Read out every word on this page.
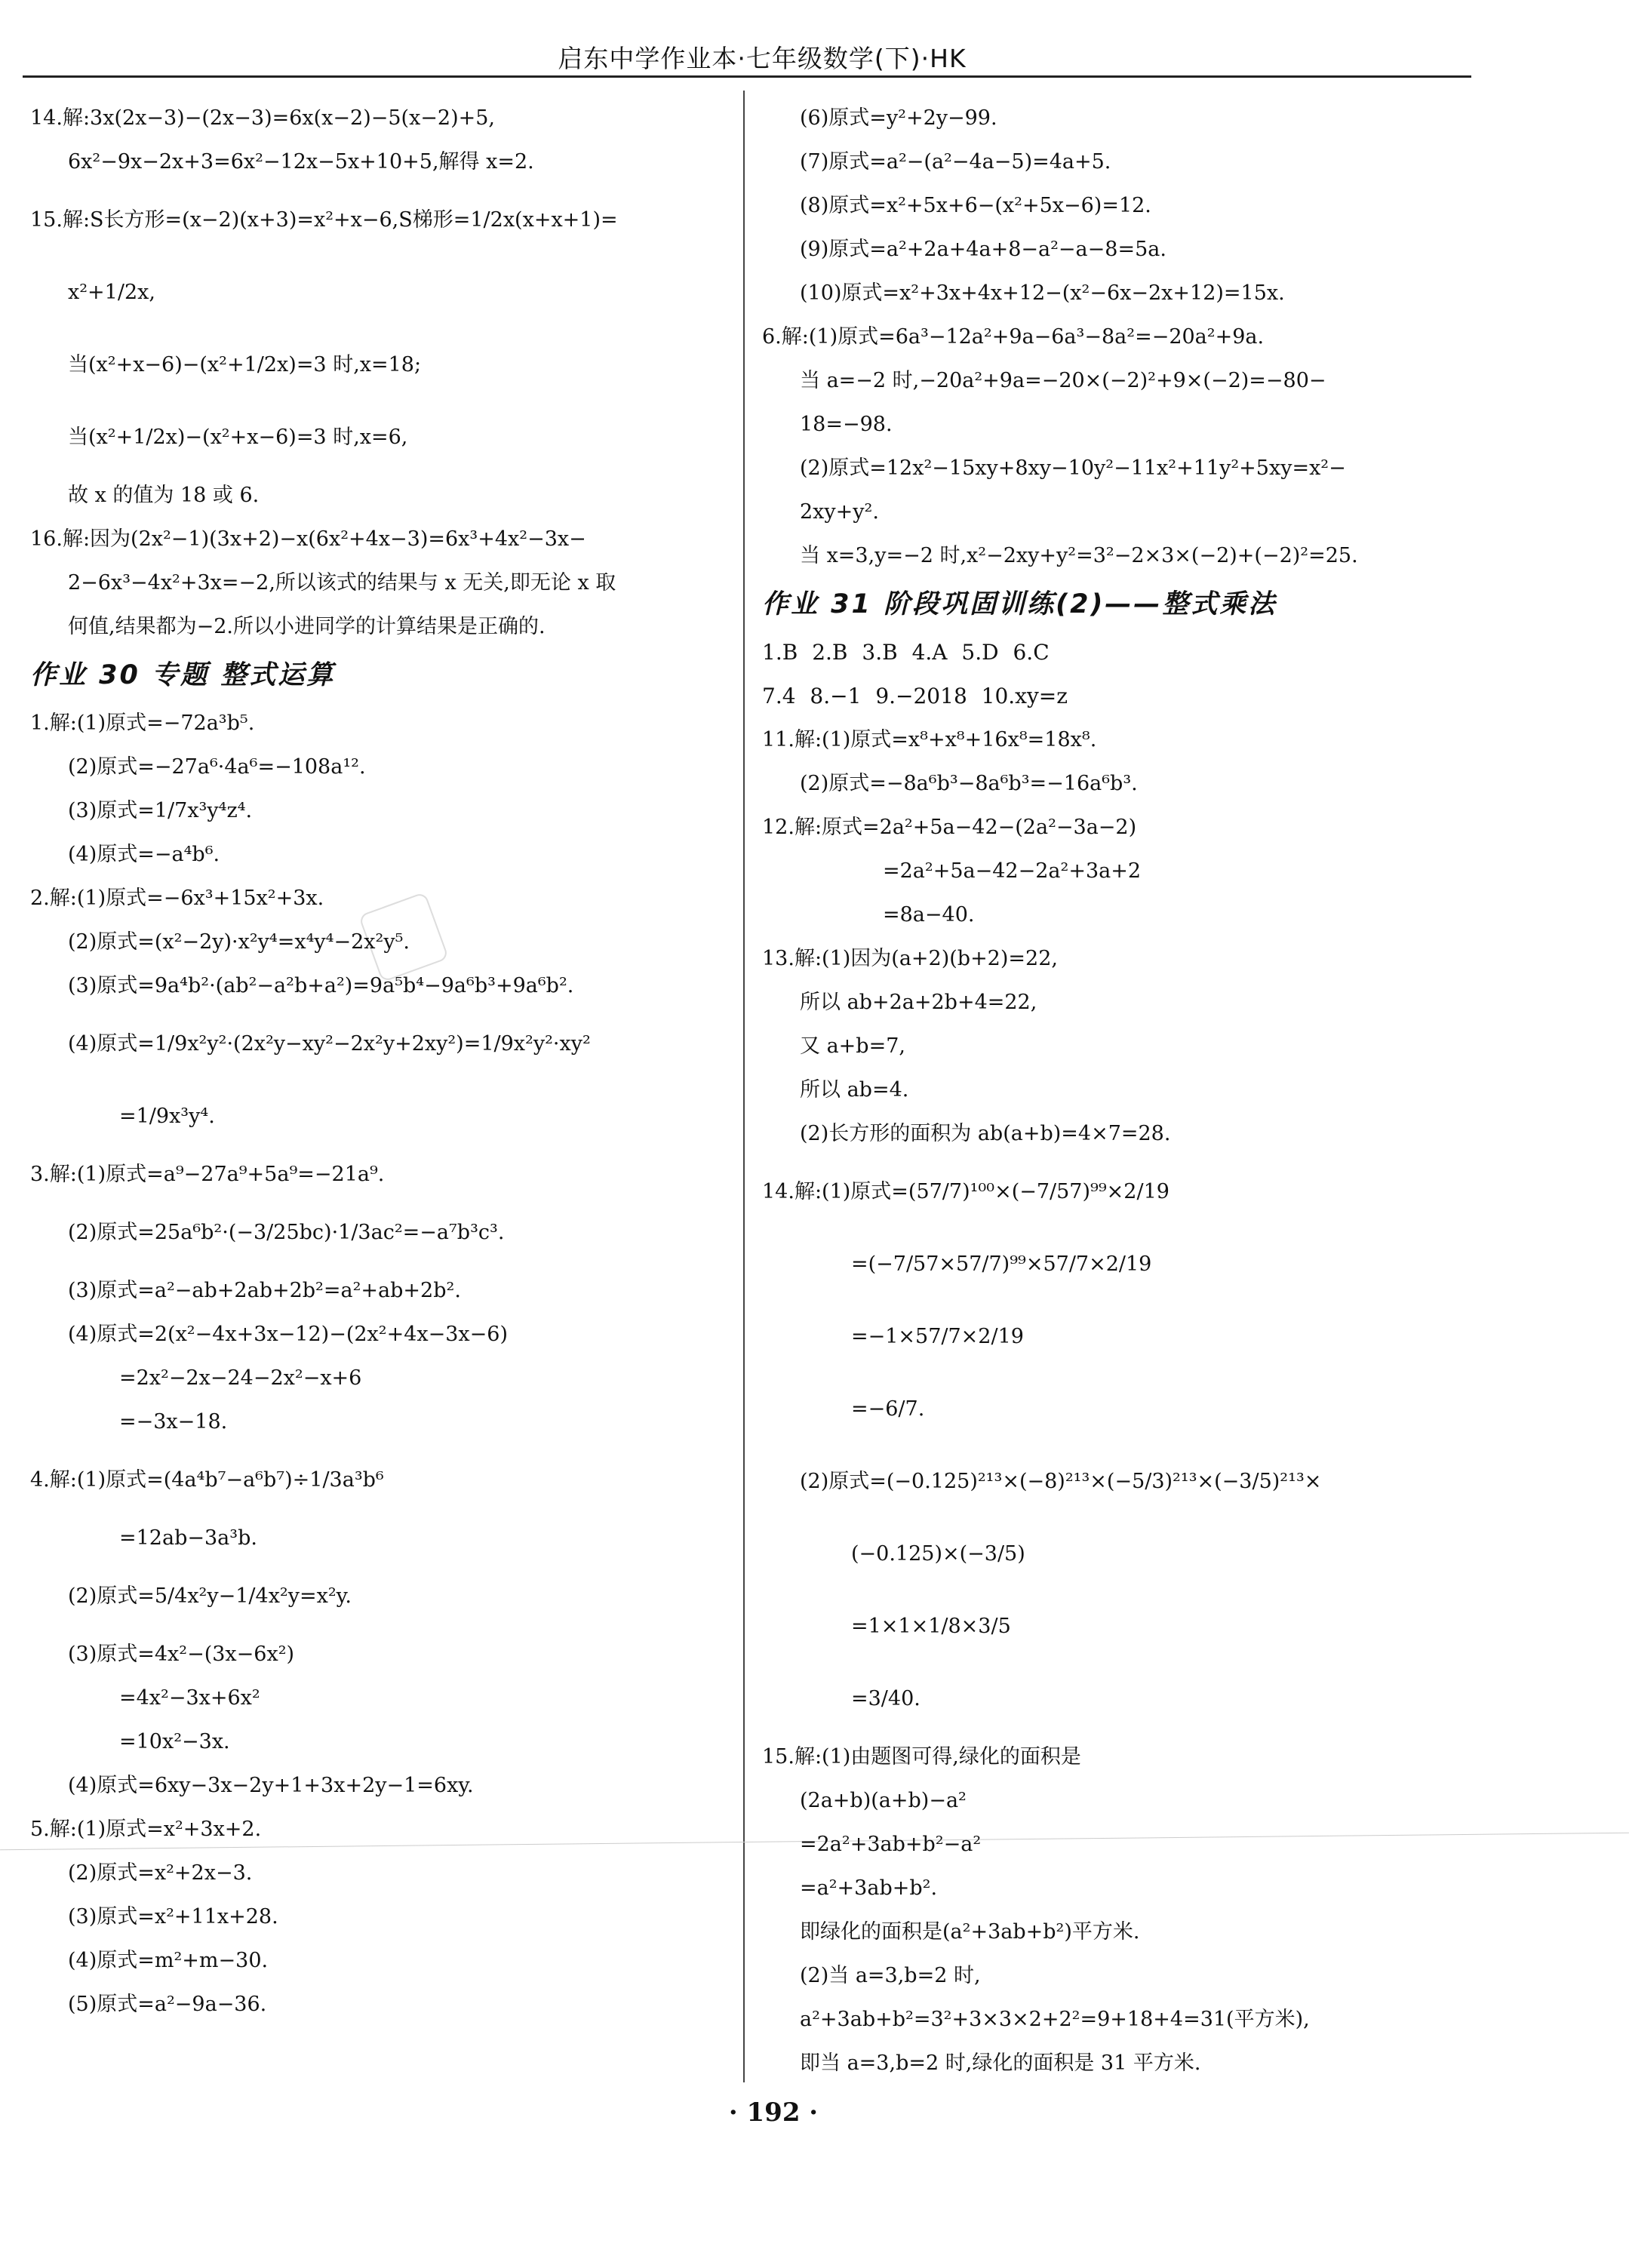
启东中学作业本·七年级数学(下)·HK
14.解:3x(2x−3)−(2x−3)=6x(x−2)−5(x−2)+5,
6x²−9x−2x+3=6x²−12x−5x+10+5,解得 x=2.
15.解:S长方形=(x−2)(x+3)=x²+x−6,S梯形=1/2x(x+x+1)=
x²+1/2x,
当(x²+x−6)−(x²+1/2x)=3 时,x=18;
当(x²+1/2x)−(x²+x−6)=3 时,x=6,
故 x 的值为 18 或 6.
16.解:因为(2x²−1)(3x+2)−x(6x²+4x−3)=6x³+4x²−3x−
2−6x³−4x²+3x=−2,所以该式的结果与 x 无关,即无论 x 取
何值,结果都为−2.所以小进同学的计算结果是正确的.
作业 30 专题 整式运算
1.解:(1)原式=−72a³b⁵.
(2)原式=−27a⁶·4a⁶=−108a¹².
(3)原式=1/7x³y⁴z⁴.
(4)原式=−a⁴b⁶.
2.解:(1)原式=−6x³+15x²+3x.
(2)原式=(x²−2y)·x²y⁴=x⁴y⁴−2x²y⁵.
(3)原式=9a⁴b²·(ab²−a²b+a²)=9a⁵b⁴−9a⁶b³+9a⁶b².
(4)原式=1/9x²y²·(2x²y−xy²−2x²y+2xy²)=1/9x²y²·xy²
=1/9x³y⁴.
3.解:(1)原式=a⁹−27a⁹+5a⁹=−21a⁹.
(2)原式=25a⁶b²·(−3/25bc)·1/3ac²=−a⁷b³c³.
(3)原式=a²−ab+2ab+2b²=a²+ab+2b².
(4)原式=2(x²−4x+3x−12)−(2x²+4x−3x−6)
=2x²−2x−24−2x²−x+6
=−3x−18.
4.解:(1)原式=(4a⁴b⁷−a⁶b⁷)÷1/3a³b⁶
=12ab−3a³b.
(2)原式=5/4x²y−1/4x²y=x²y.
(3)原式=4x²−(3x−6x²)
=4x²−3x+6x²
=10x²−3x.
(4)原式=6xy−3x−2y+1+3x+2y−1=6xy.
5.解:(1)原式=x²+3x+2.
(2)原式=x²+2x−3.
(3)原式=x²+11x+28.
(4)原式=m²+m−30.
(5)原式=a²−9a−36.
(6)原式=y²+2y−99.
(7)原式=a²−(a²−4a−5)=4a+5.
(8)原式=x²+5x+6−(x²+5x−6)=12.
(9)原式=a²+2a+4a+8−a²−a−8=5a.
(10)原式=x²+3x+4x+12−(x²−6x−2x+12)=15x.
6.解:(1)原式=6a³−12a²+9a−6a³−8a²=−20a²+9a.
当 a=−2 时,−20a²+9a=−20×(−2)²+9×(−2)=−80−
18=−98.
(2)原式=12x²−15xy+8xy−10y²−11x²+11y²+5xy=x²−
2xy+y².
当 x=3,y=−2 时,x²−2xy+y²=3²−2×3×(−2)+(−2)²=25.
作业 31 阶段巩固训练(2)——整式乘法
1.B 2.B 3.B 4.A 5.D 6.C
7.4 8.−1 9.−2018 10.xy=z
11.解:(1)原式=x⁸+x⁸+16x⁸=18x⁸.
(2)原式=−8a⁶b³−8a⁶b³=−16a⁶b³.
12.解:原式=2a²+5a−42−(2a²−3a−2)
=2a²+5a−42−2a²+3a+2
=8a−40.
13.解:(1)因为(a+2)(b+2)=22,
所以 ab+2a+2b+4=22,
又 a+b=7,
所以 ab=4.
(2)长方形的面积为 ab(a+b)=4×7=28.
14.解:(1)原式=(57/7)¹⁰⁰×(−7/57)⁹⁹×2/19
=(−7/57×57/7)⁹⁹×57/7×2/19
=−1×57/7×2/19
=−6/7.
(2)原式=(−0.125)²¹³×(−8)²¹³×(−5/3)²¹³×(−3/5)²¹³×
(−0.125)×(−3/5)
=1×1×1/8×3/5
=3/40.
15.解:(1)由题图可得,绿化的面积是
(2a+b)(a+b)−a²
=2a²+3ab+b²−a²
=a²+3ab+b².
即绿化的面积是(a²+3ab+b²)平方米.
(2)当 a=3,b=2 时,
a²+3ab+b²=3²+3×3×2+2²=9+18+4=31(平方米),
即当 a=3,b=2 时,绿化的面积是 31 平方米.
· 192 ·
